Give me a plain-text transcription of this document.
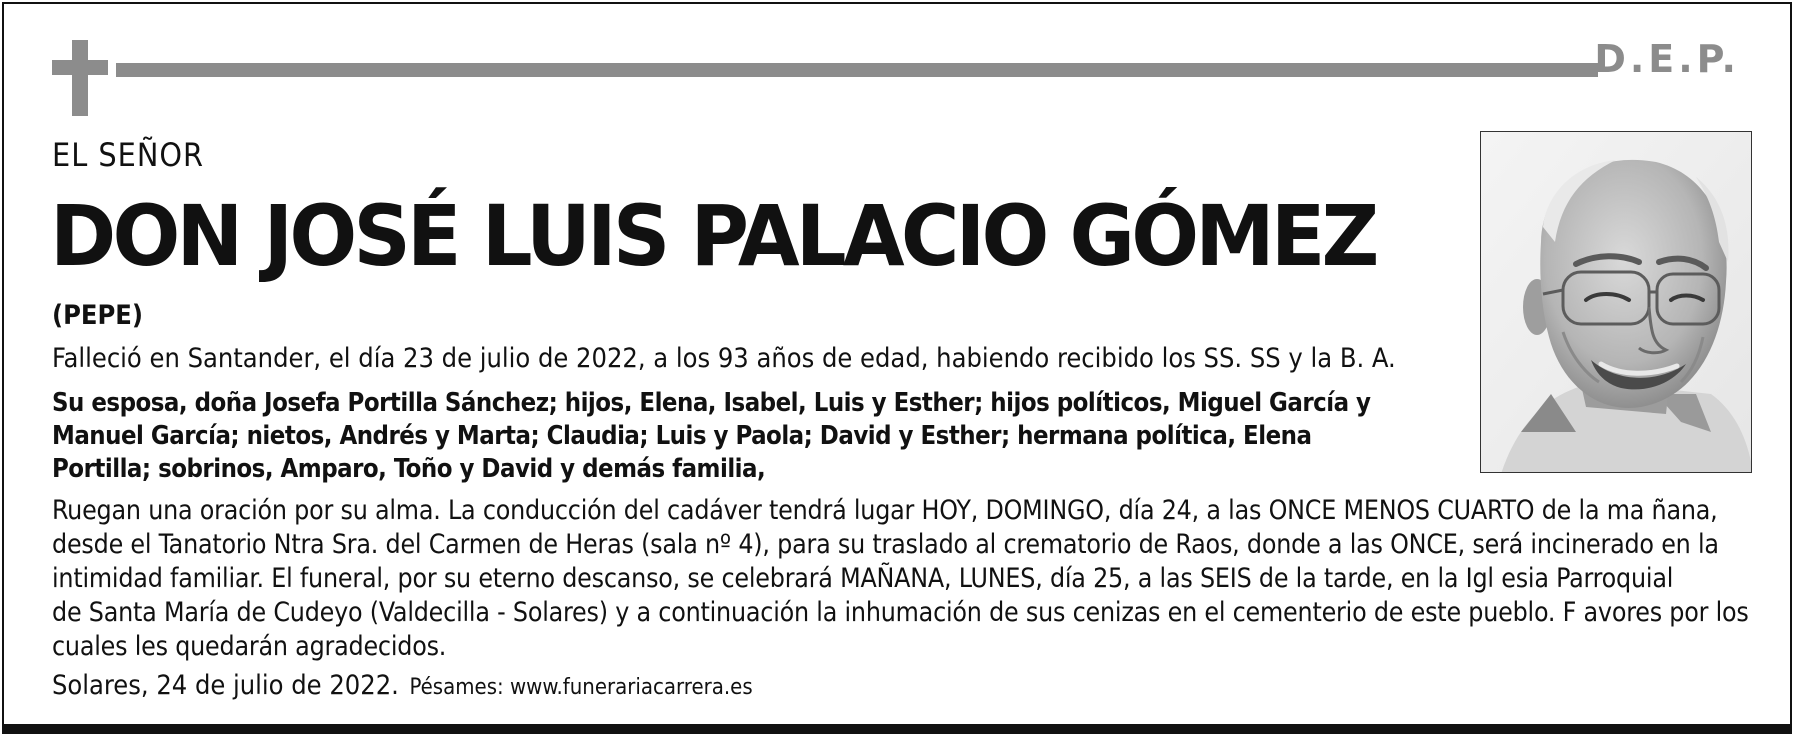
D.E.P.
EL SEÑOR
DON JOSÉ LUIS PALACIO GÓMEZ
(PEPE)
Falleció en Santander, el día 23 de julio de 2022, a los 93 años de edad, habiendo recibido los SS. SS y la B. A.
Su esposa, doña Josefa Portilla Sánchez; hijos, Elena, Isabel, Luis y Esther; hijos políticos, Miguel García y Manuel García; nietos, Andrés y Marta; Claudia; Luis y Paola; David y Esther; hermana política, Elena Portilla; sobrinos, Amparo, Toño y David y demás familia,

Ruegan una oración por su alma. La conducción del cadáver tendrá lugar HOY, DOMINGO, día 24, a las ONCE MENOS CUARTO de la ma ñana,

desde el Tanatorio Ntra Sra. del Carmen de Heras (sala nº 4), para su traslado al crematorio de Raos, donde a las ONCE, será incinerado en la

intimidad familiar. El funeral, por su eterno descanso, se celebrará MAÑANA, LUNES, día 25, a las SEIS de la tarde, en la Igl esia Parroquial

de Santa María de Cudeyo (Valdecilla - Solares) y a continuación la inhumación de sus cenizas en el cementerio de este pueblo. F avores por los

cuales les quedarán agradecidos.

Solares, 24 de julio de 2022. Pésames: www.funerariacarrera.es
